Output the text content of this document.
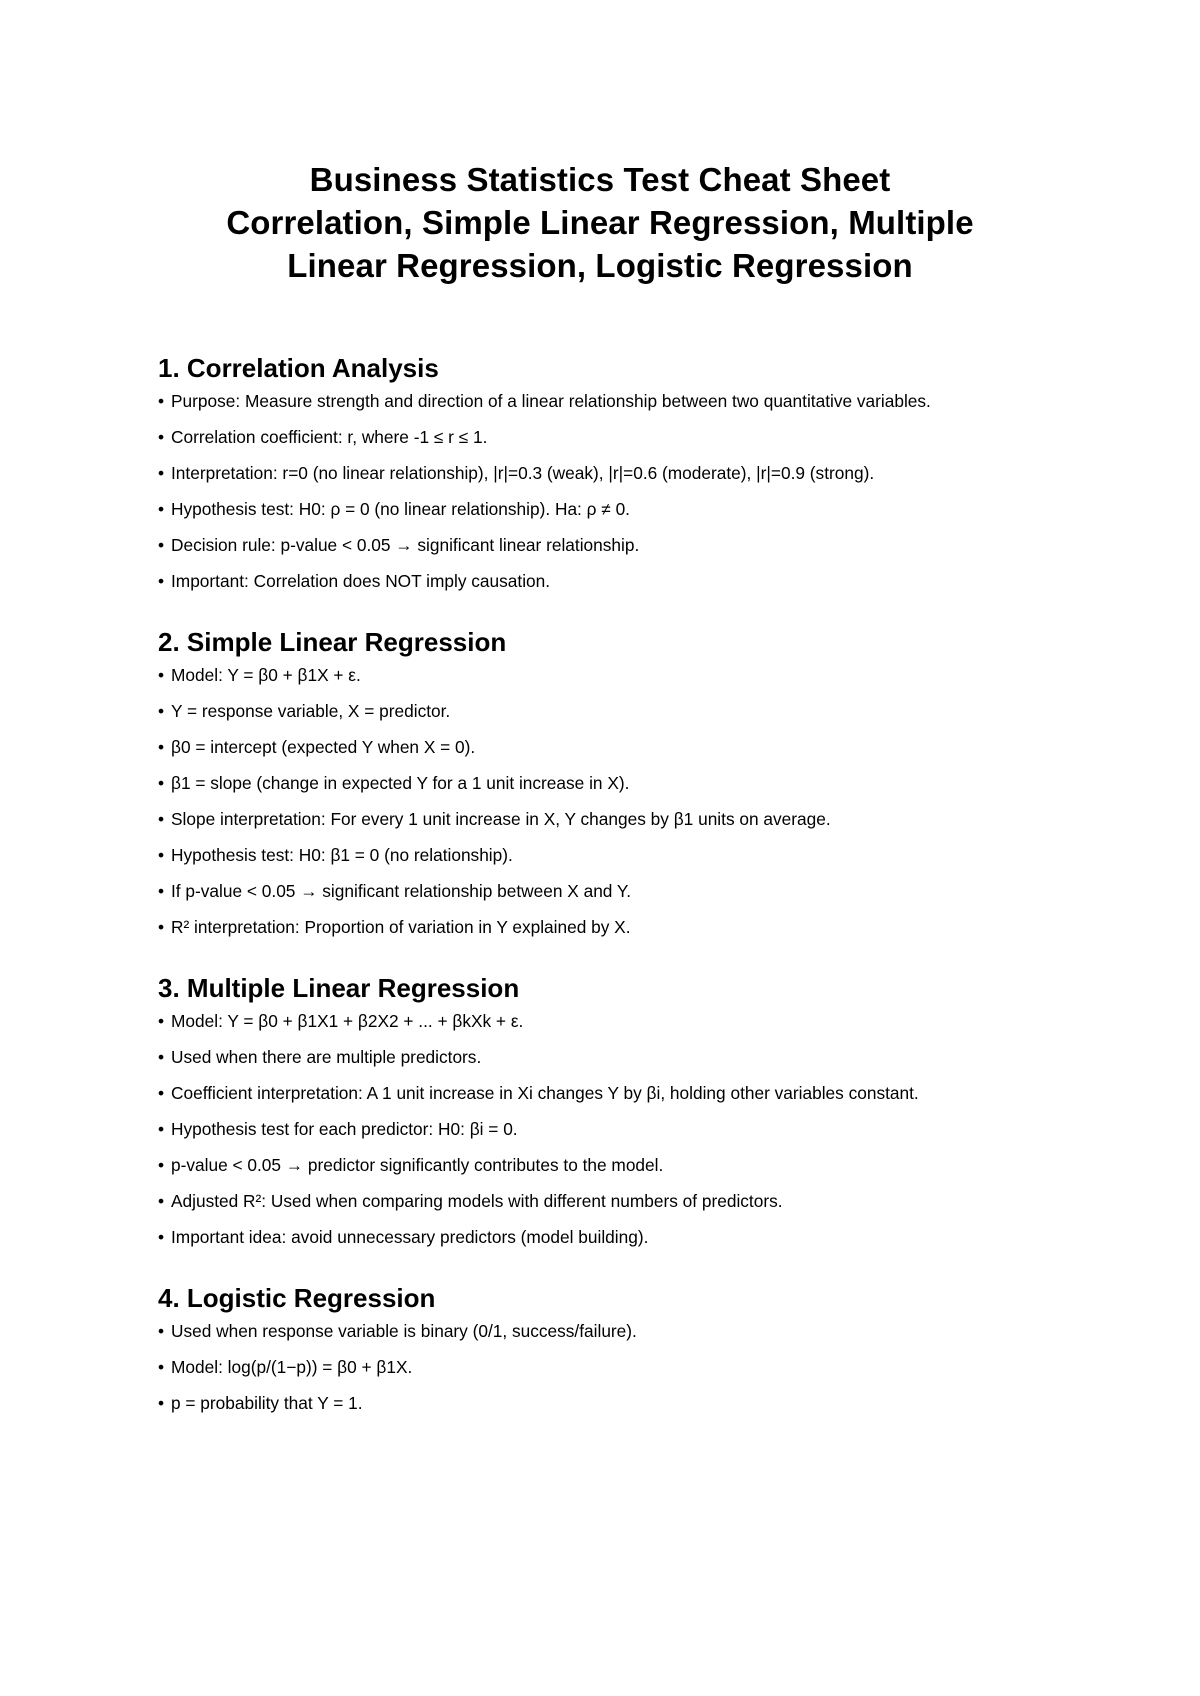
Business Statistics Test Cheat Sheet
Correlation, Simple Linear Regression, Multiple
Linear Regression, Logistic Regression
1. Correlation Analysis
• Purpose: Measure strength and direction of a linear relationship between two quantitative variables.
• Correlation coefficient: r, where -1 ≤ r ≤ 1.
• Interpretation: r=0 (no linear relationship), |r|=0.3 (weak), |r|=0.6 (moderate), |r|=0.9 (strong).
• Hypothesis test: H0: ρ = 0 (no linear relationship). Ha: ρ ≠ 0.
• Decision rule: p-value < 0.05 → significant linear relationship.
• Important: Correlation does NOT imply causation.
2. Simple Linear Regression
• Model: Y = β0 + β1X + ε.
• Y = response variable, X = predictor.
• β0 = intercept (expected Y when X = 0).
• β1 = slope (change in expected Y for a 1 unit increase in X).
• Slope interpretation: For every 1 unit increase in X, Y changes by β1 units on average.
• Hypothesis test: H0: β1 = 0 (no relationship).
• If p-value < 0.05 → significant relationship between X and Y.
• R² interpretation: Proportion of variation in Y explained by X.
3. Multiple Linear Regression
• Model: Y = β0 + β1X1 + β2X2 + ... + βkXk + ε.
• Used when there are multiple predictors.
• Coefficient interpretation: A 1 unit increase in Xi changes Y by βi, holding other variables constant.
• Hypothesis test for each predictor: H0: βi = 0.
• p-value < 0.05 → predictor significantly contributes to the model.
• Adjusted R²: Used when comparing models with different numbers of predictors.
• Important idea: avoid unnecessary predictors (model building).
4. Logistic Regression
• Used when response variable is binary (0/1, success/failure).
• Model: log(p/(1−p)) = β0 + β1X.
• p = probability that Y = 1.
